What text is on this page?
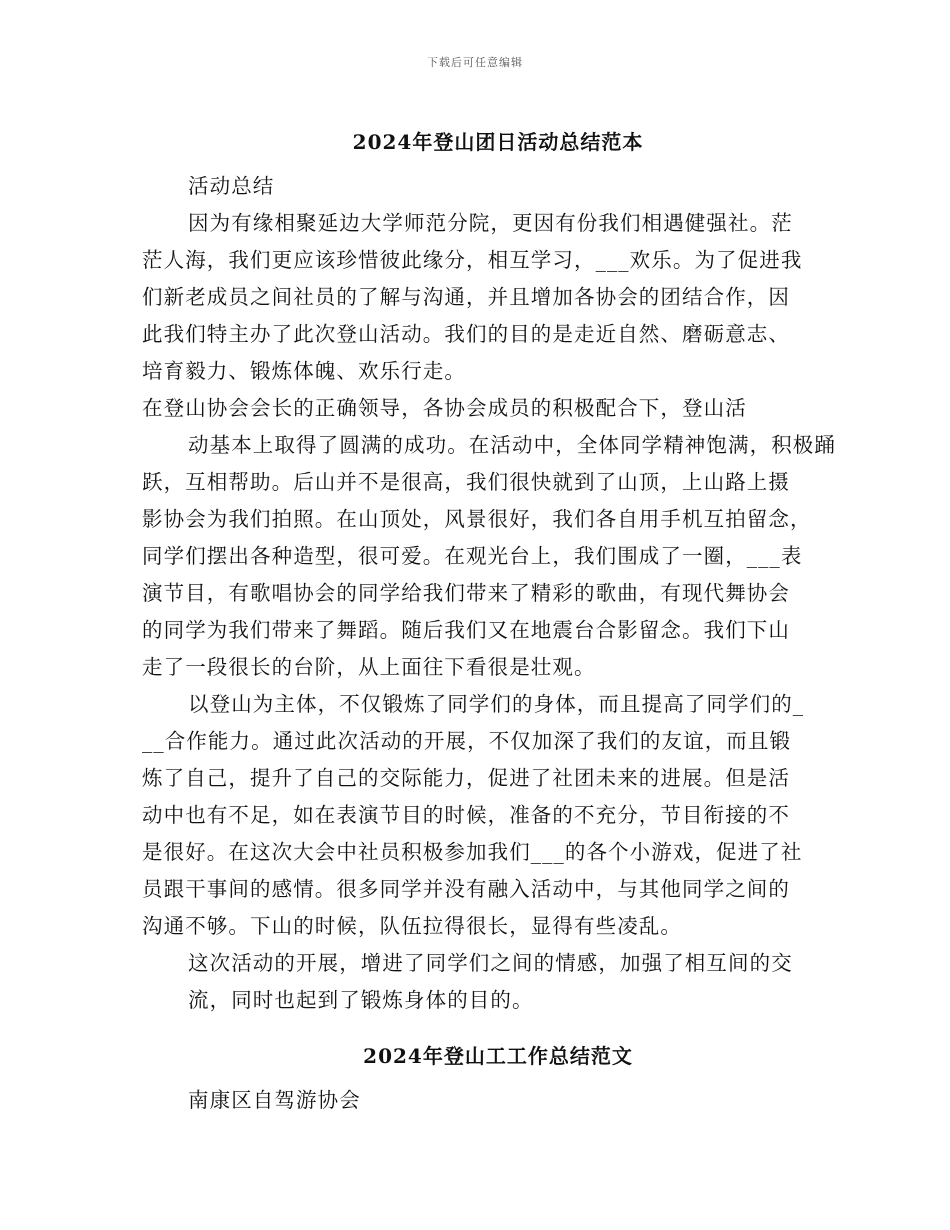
下载后可任意编辑
2024年登山团日活动总结范本
活动总结
因为有缘相聚延边大学师范分院，更因有份我们相遇健强社。茫
茫人海，我们更应该珍惜彼此缘分，相互学习，___欢乐。为了促进我
们新老成员之间社员的了解与沟通，并且增加各协会的团结合作，因
此我们特主办了此次登山活动。我们的目的是走近自然、磨砺意志、
培育毅力、锻炼体魄、欢乐行走。
在登山协会会长的正确领导，各协会成员的积极配合下，登山活
动基本上取得了圆满的成功。在活动中，全体同学精神饱满，积极踊
跃，互相帮助。后山并不是很高，我们很快就到了山顶，上山路上摄
影协会为我们拍照。在山顶处，风景很好，我们各自用手机互拍留念，
同学们摆出各种造型，很可爱。在观光台上，我们围成了一圈，___表
演节目，有歌唱协会的同学给我们带来了精彩的歌曲，有现代舞协会
的同学为我们带来了舞蹈。随后我们又在地震台合影留念。我们下山
走了一段很长的台阶，从上面往下看很是壮观。
以登山为主体，不仅锻炼了同学们的身体，而且提高了同学们的_
__合作能力。通过此次活动的开展，不仅加深了我们的友谊，而且锻
炼了自己，提升了自己的交际能力，促进了社团未来的进展。但是活
动中也有不足，如在表演节目的时候，准备的不充分，节目衔接的不
是很好。在这次大会中社员积极参加我们___的各个小游戏，促进了社
员跟干事间的感情。很多同学并没有融入活动中，与其他同学之间的
沟通不够。下山的时候，队伍拉得很长，显得有些凌乱。
这次活动的开展，增进了同学们之间的情感，加强了相互间的交
流，同时也起到了锻炼身体的目的。
2024年登山工工作总结范文
南康区自驾游协会
